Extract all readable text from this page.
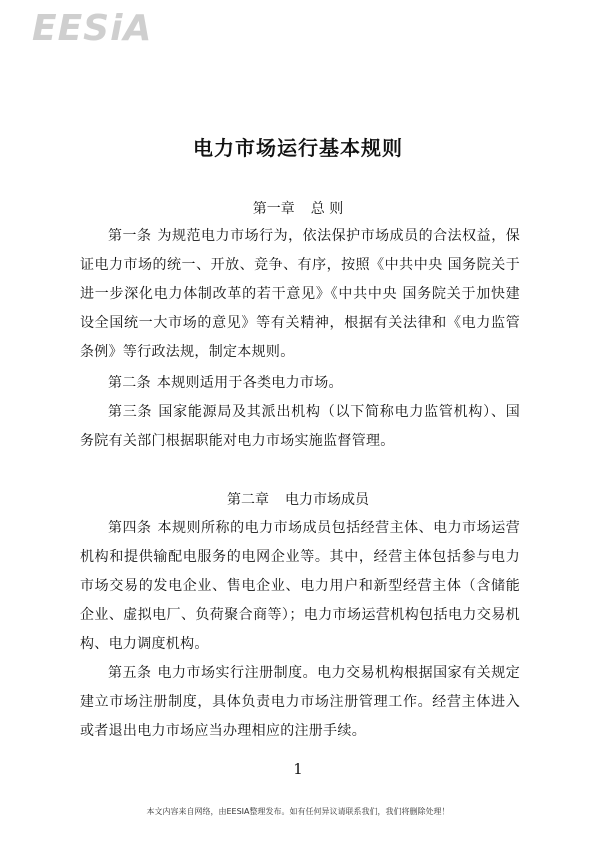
EESiA
电力市场运行基本规则
第一章 总 则
第一条 为规范电力市场行为，依法保护市场成员的合法权益，保证电力市场的统一、开放、竞争、有序，按照《中共中央 国务院关于进一步深化电力体制改革的若干意见》《中共中央 国务院关于加快建设全国统一大市场的意见》等有关精神，根据有关法律和《电力监管条例》等行政法规，制定本规则。
第二条 本规则适用于各类电力市场。
第三条 国家能源局及其派出机构（以下简称电力监管机构）、国务院有关部门根据职能对电力市场实施监督管理。
第二章 电力市场成员
第四条 本规则所称的电力市场成员包括经营主体、电力市场运营机构和提供输配电服务的电网企业等。其中，经营主体包括参与电力市场交易的发电企业、售电企业、电力用户和新型经营主体（含储能企业、虚拟电厂、负荷聚合商等）；电力市场运营机构包括电力交易机构、电力调度机构。
第五条 电力市场实行注册制度。电力交易机构根据国家有关规定建立市场注册制度，具体负责电力市场注册管理工作。经营主体进入或者退出电力市场应当办理相应的注册手续。
1
本文内容来自网络，由EESIA整理发布。如有任何异议请联系我们，我们将删除处理！
